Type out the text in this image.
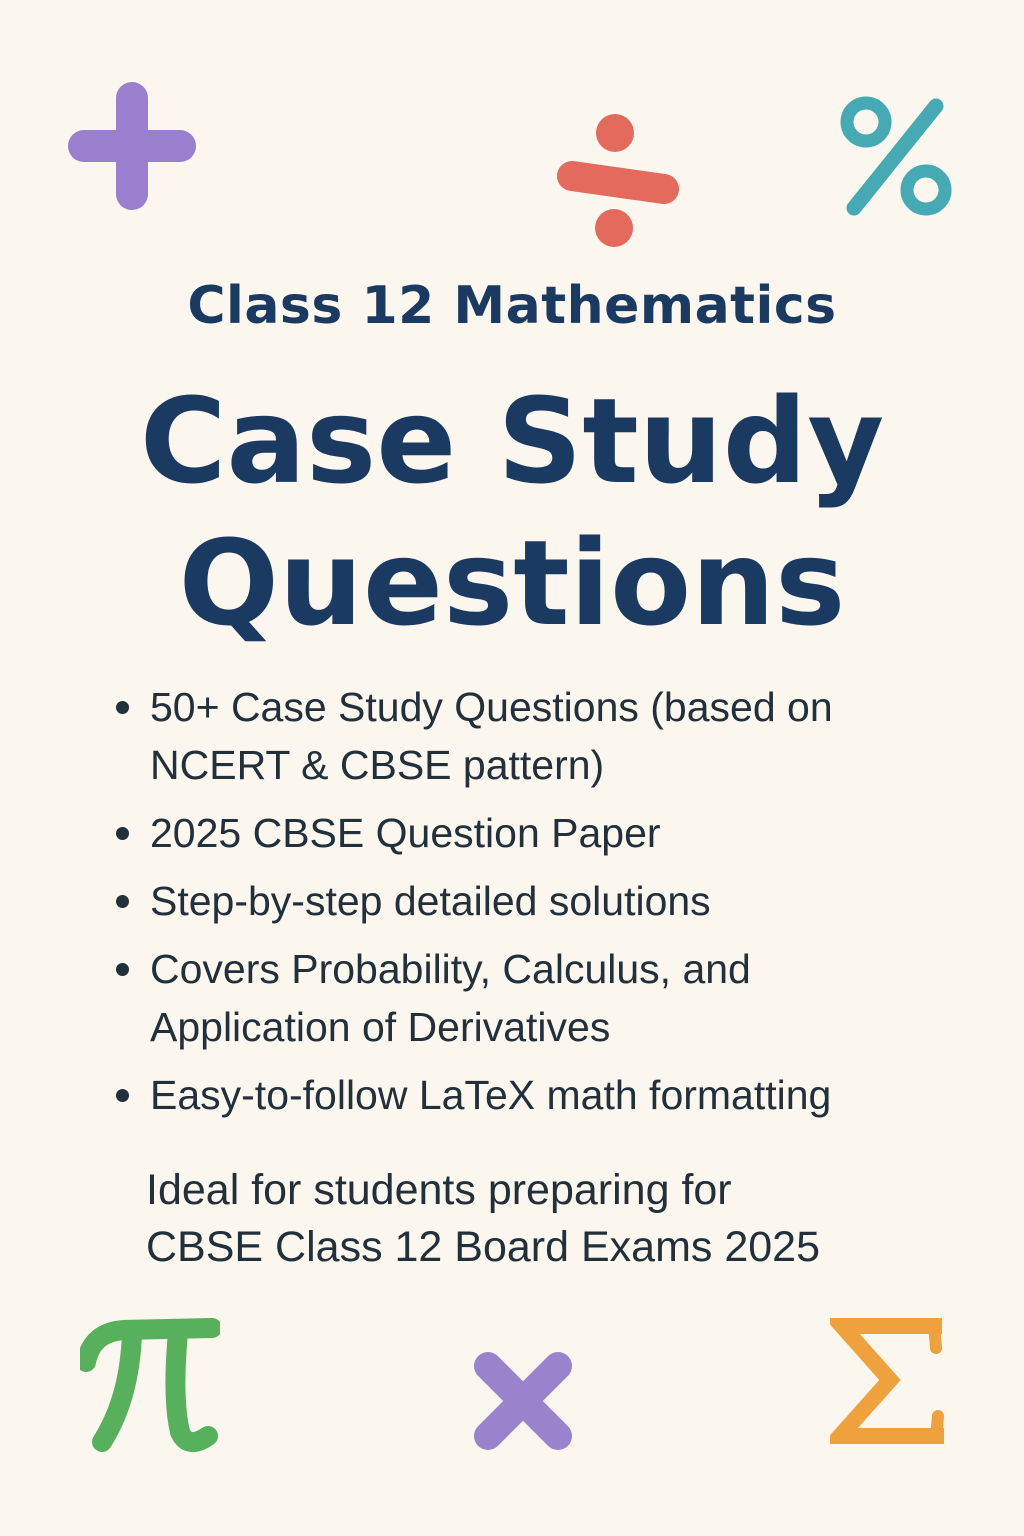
Class 12 Mathematics
Case Study
Questions
50+ Case Study Questions (based on NCERT & CBSE pattern)
2025 CBSE Question Paper
Step-by-step detailed solutions
Covers Probability, Calculus, and Application of Derivatives
Easy-to-follow LaTeX math formatting
Ideal for students preparing for
CBSE Class 12 Board Exams 2025
